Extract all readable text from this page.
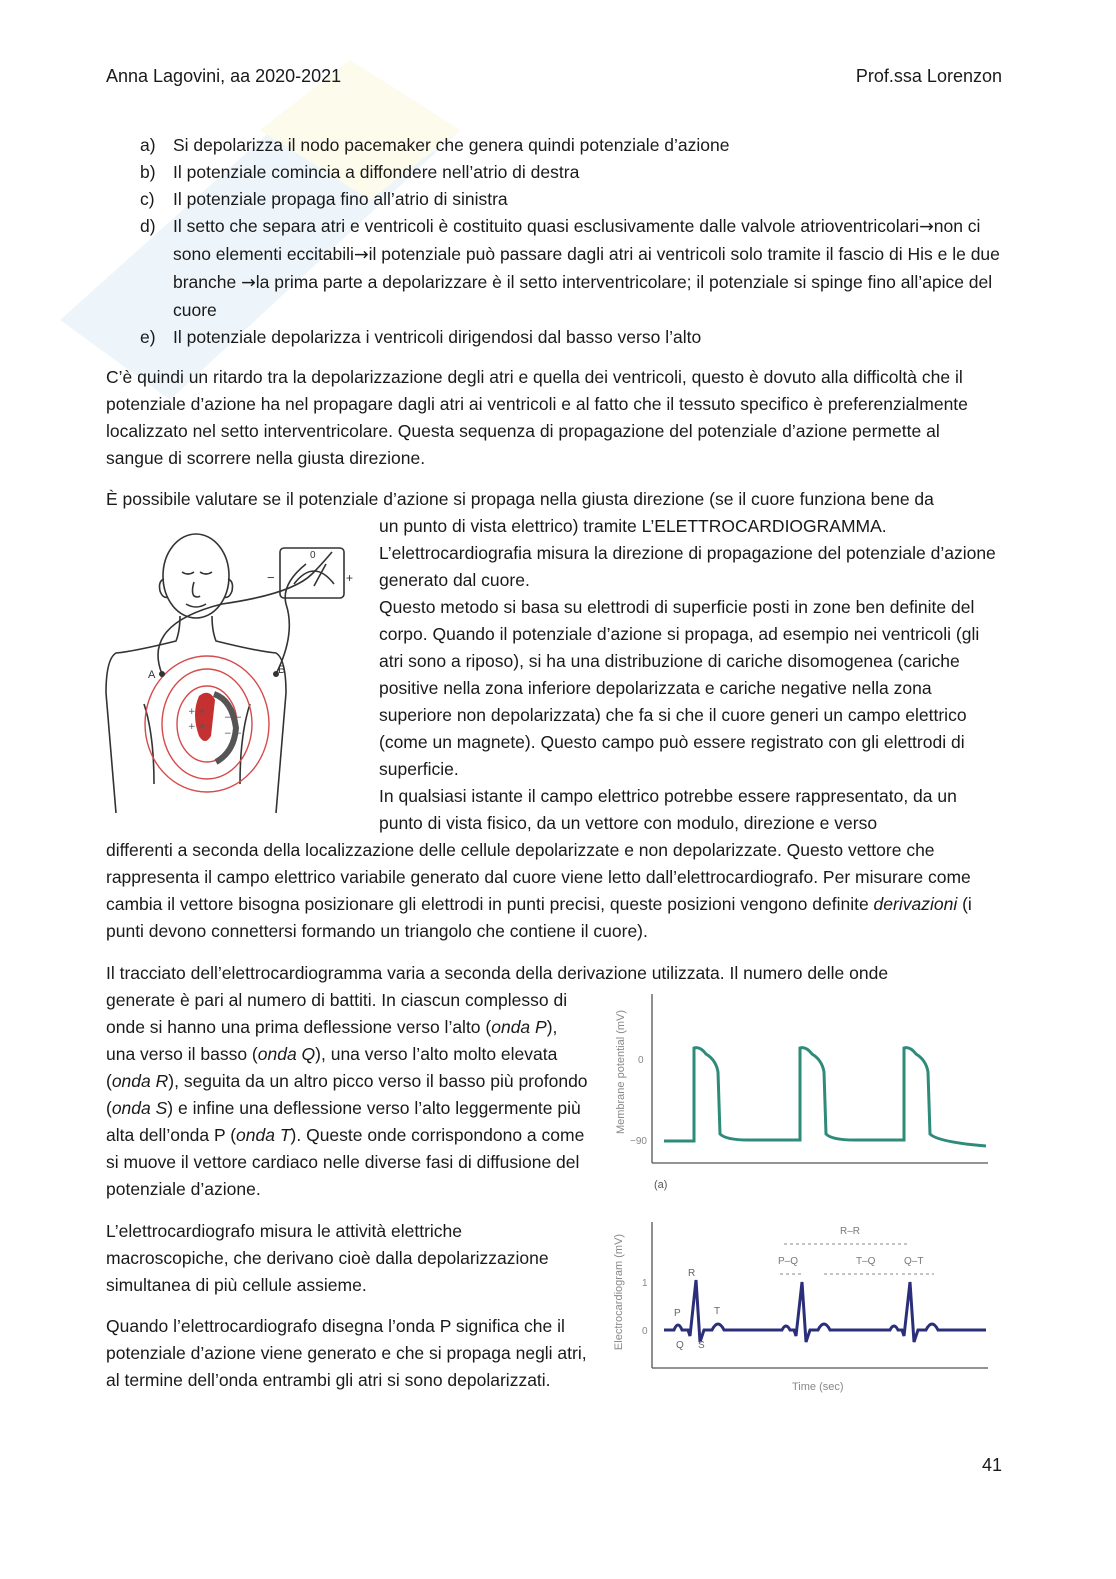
Anna Lagovini, aa 2020-2021	Prof.ssa Lorenzon
a) Si depolarizza il nodo pacemaker che genera quindi potenziale d’azione
b) Il potenziale comincia a diffondere nell’atrio di destra
c) Il potenziale propaga fino all’atrio di sinistra
d) Il setto che separa atri e ventricoli è costituito quasi esclusivamente dalle valvole atrioventricolari→non ci sono elementi eccitabili→il potenziale può passare dagli atri ai ventricoli solo tramite il fascio di His e le due branche →la prima parte a depolarizzare è il setto interventricolare; il potenziale si spinge fino all’apice del cuore
e) Il potenziale depolarizza i ventricoli dirigendosi dal basso verso l’alto

C’è quindi un ritardo tra la depolarizzazione degli atri e quella dei ventricoli, questo è dovuto alla difficoltà che il potenziale d’azione ha nel propagare dagli atri ai ventricoli e al fatto che il tessuto specifico è preferenzialmente localizzato nel setto interventricolare. Questa sequenza di propagazione del potenziale d’azione permette al sangue di scorrere nella giusta direzione.

È possibile valutare se il potenziale d’azione si propaga nella giusta direzione (se il cuore funziona bene da

un punto di vista elettrico) tramite L’ELETTROCARDIOGRAMMA.
L’elettrocardiografia misura la direzione di propagazione del potenziale d’azione generato dal cuore.
Questo metodo si basa su elettrodi di superficie posti in zone ben definite del corpo. Quando il potenziale d’azione si propaga, ad esempio nei ventricoli (gli atri sono a riposo), si ha una distribuzione di cariche disomogenea (cariche positive nella zona inferiore depolarizzata e cariche negative nella zona superiore non depolarizzata) che fa si che il cuore generi un campo elettrico (come un magnete). Questo campo può essere registrato con gli elettrodi di superficie.
In qualsiasi istante il campo elettrico potrebbe essere rappresentato, da un punto di vista fisico, da un vettore con modulo, direzione e verso

differenti a seconda della localizzazione delle cellule depolarizzate e non depolarizzate. Questo vettore che rappresenta il campo elettrico variabile generato dal cuore viene letto dall’elettrocardiografo. Per misurare come cambia il vettore bisogna posizionare gli elettrodi in punti precisi, queste posizioni vengono definite derivazioni (i punti devono connettersi formando un triangolo che contiene il cuore).

Il tracciato dell’elettrocardiogramma varia a seconda della derivazione utilizzata. Il numero delle onde

generate è pari al numero di battiti. In ciascun complesso di onde si hanno una prima deflessione verso l’alto (onda P), una verso il basso (onda Q), una verso l’alto molto elevata (onda R), seguita da un altro picco verso il basso più profondo (onda S) e infine una deflessione verso l’alto leggermente più alta dell’onda P (onda T). Queste onde corrispondono a come si muove il vettore cardiaco nelle diverse fasi di diffusione del potenziale d’azione.

L’elettrocardiografo misura le attività elettriche macroscopiche, che derivano cioè dalla depolarizzazione simultanea di più cellule assieme.

Quando l’elettrocardiografo disegna l’onda P significa che il potenziale d’azione viene generato e che si propaga negli atri, al termine dell’onda entrambi gli atri si sono depolarizzati.

+ +
+ +
− −
− −
A	B
0
−	+
Membrane potential (mV) 0
−90
(a)
Electrocardiogram (mV) 1
0
P
Q
R
S
T
R–R
P–Q	T–Q	Q–T
Time (sec)
41
